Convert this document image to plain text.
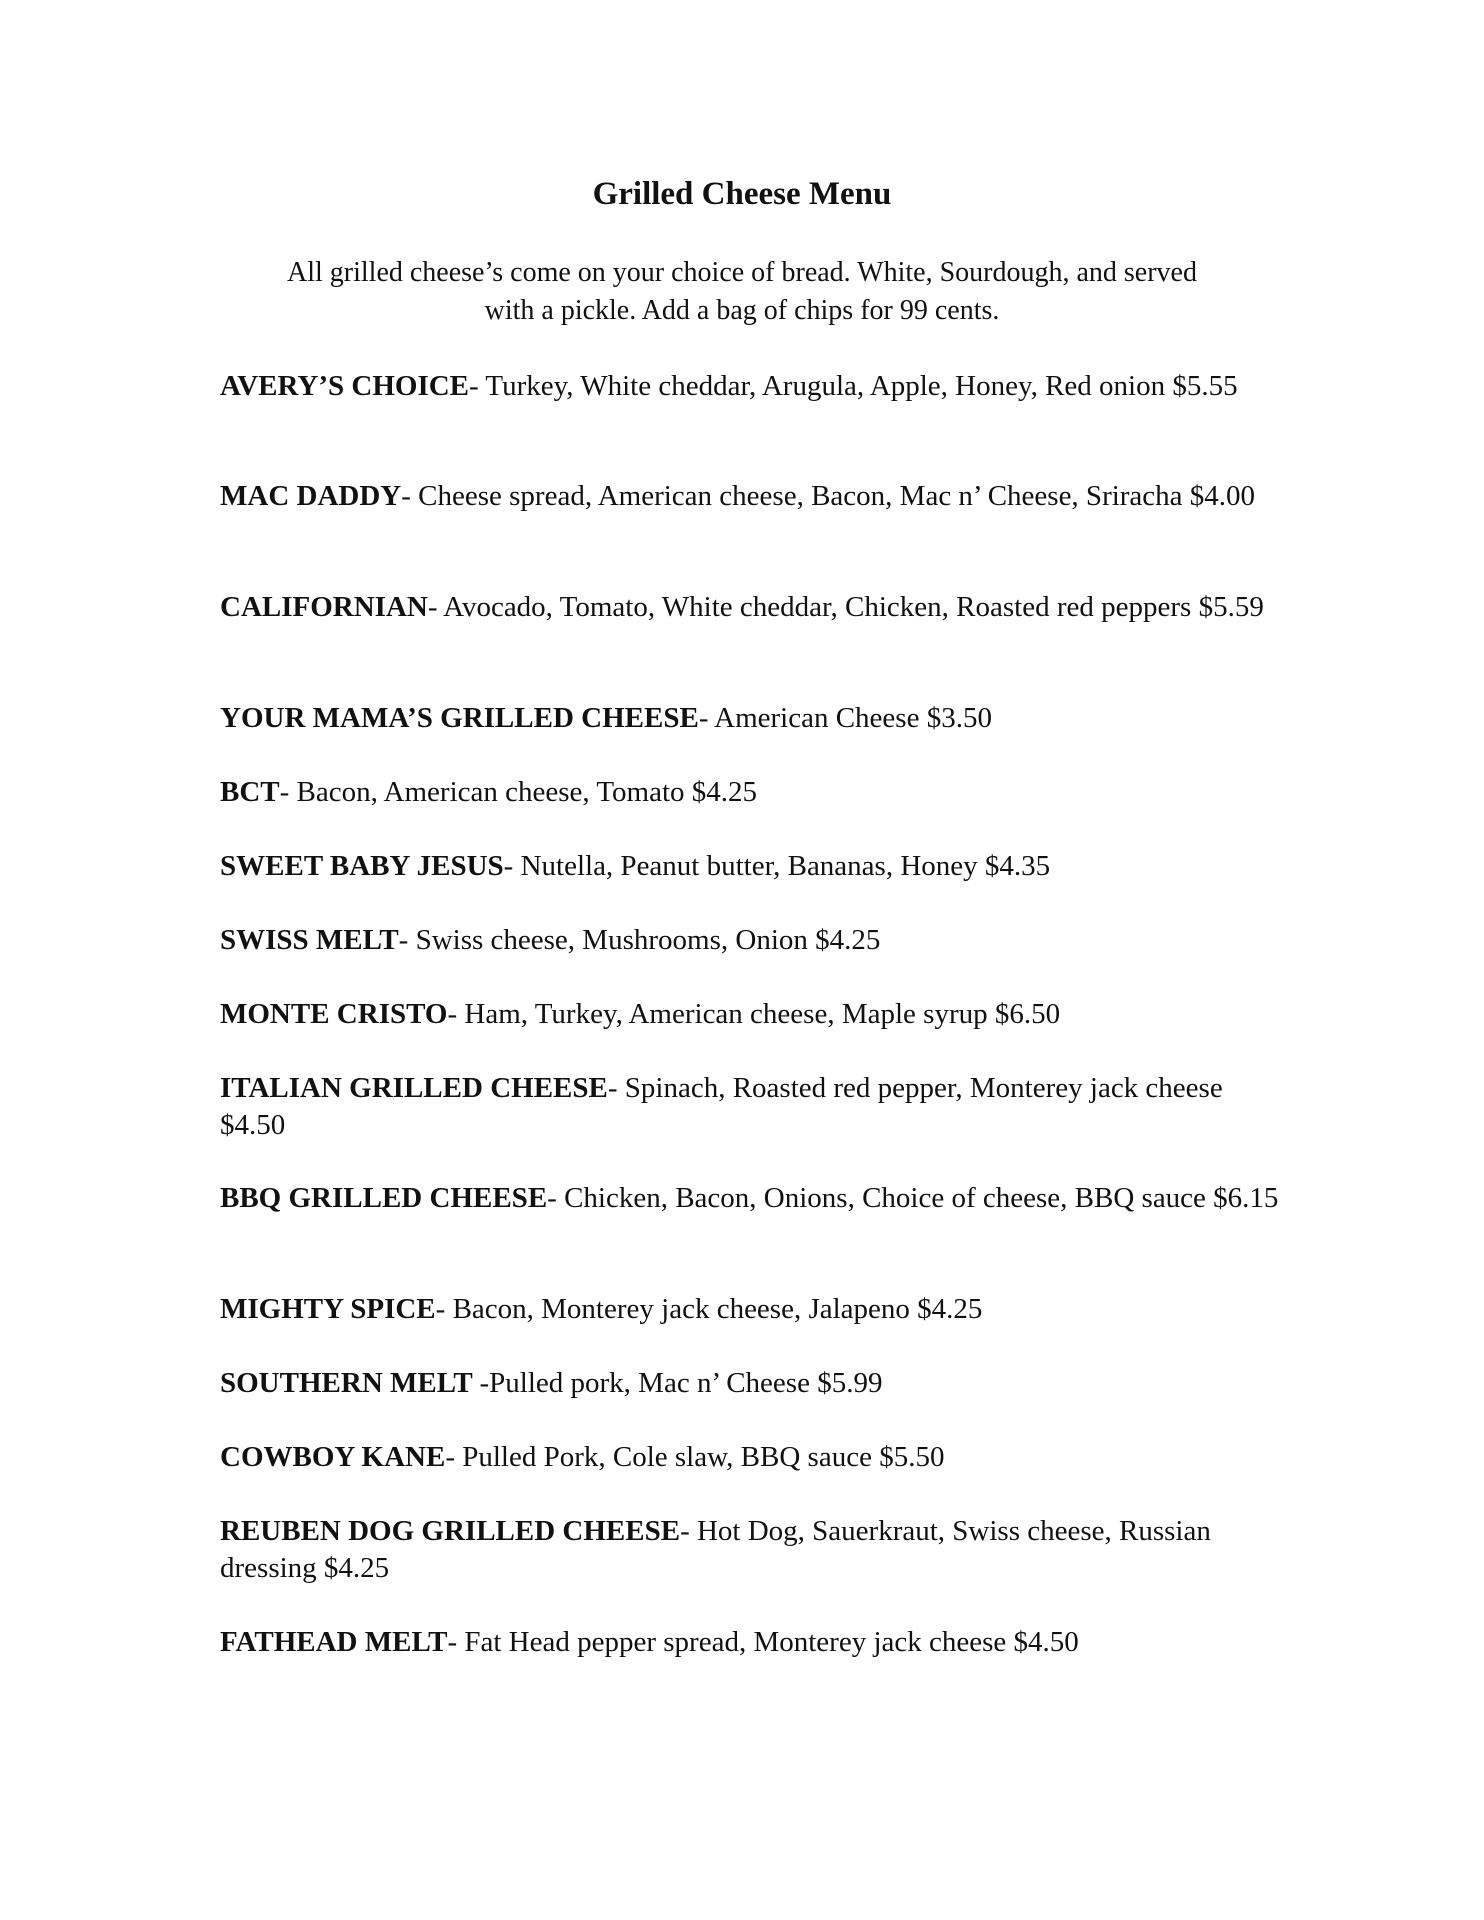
Grilled Cheese Menu
All grilled cheese’s come on your choice of bread. White, Sourdough, and served
with a pickle. Add a bag of chips for 99 cents.

AVERY’S CHOICE- Turkey, White cheddar, Arugula, Apple, Honey, Red onion $5.55

MAC DADDY- Cheese spread, American cheese, Bacon, Mac n’ Cheese, Sriracha $4.00

CALIFORNIAN- Avocado, Tomato, White cheddar, Chicken, Roasted red peppers $5.59

YOUR MAMA’S GRILLED CHEESE- American Cheese $3.50

BCT- Bacon, American cheese, Tomato $4.25

SWEET BABY JESUS- Nutella, Peanut butter, Bananas, Honey $4.35

SWISS MELT- Swiss cheese, Mushrooms, Onion $4.25

MONTE CRISTO- Ham, Turkey, American cheese, Maple syrup $6.50

ITALIAN GRILLED CHEESE- Spinach, Roasted red pepper, Monterey jack cheese $4.50

BBQ GRILLED CHEESE- Chicken, Bacon, Onions, Choice of cheese, BBQ sauce $6.15

MIGHTY SPICE- Bacon, Monterey jack cheese, Jalapeno $4.25

SOUTHERN MELT -Pulled pork, Mac n’ Cheese $5.99

COWBOY KANE- Pulled Pork, Cole slaw, BBQ sauce $5.50

REUBEN DOG GRILLED CHEESE- Hot Dog, Sauerkraut, Swiss cheese, Russian dressing $4.25

FATHEAD MELT- Fat Head pepper spread, Monterey jack cheese $4.50
